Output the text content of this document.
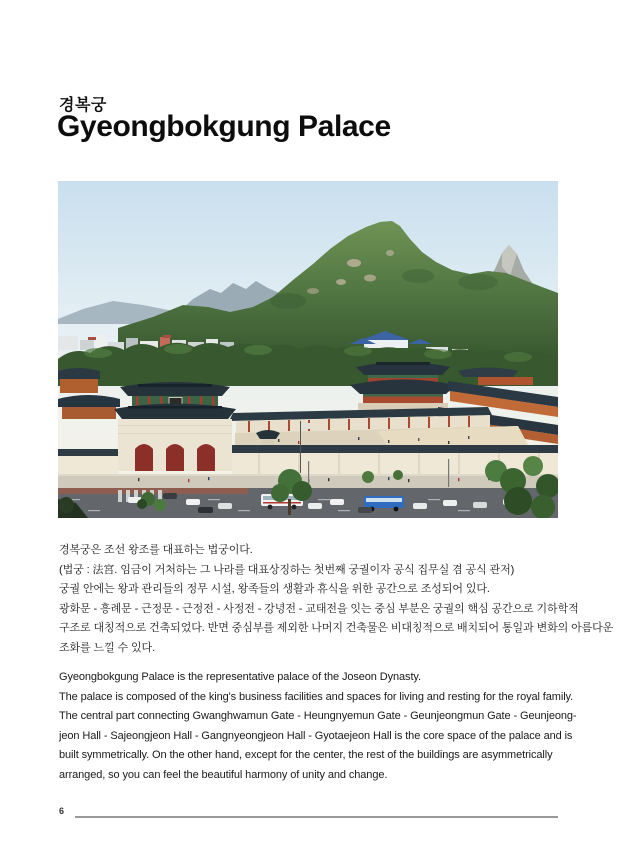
경복궁
Gyeongbokgung Palace
경복궁은 조선 왕조를 대표하는 법궁이다.
(법궁 : 法宮. 임금이 거처하는 그 나라를 대표상징하는 첫번째 궁궐이자 공식 집무실 겸 공식 관저)
궁궐 안에는 왕과 관리들의 정무 시설, 왕족들의 생활과 휴식을 위한 공간으로 조성되어 있다.
광화문 - 흥례문 - 근정문 - 근정전 - 사정전 - 강녕전 - 교태전을 잇는 중심 부분은 궁궐의 핵심 공간으로 기하학적
구조로 대칭적으로 건축되었다. 반면 중심부를 제외한 나머지 건축물은 비대칭적으로 배치되어 통일과 변화의 아름다운
조화를 느낄 수 있다.
Gyeongbokgung Palace is the representative palace of the Joseon Dynasty.
The palace is composed of the king's business facilities and spaces for living and resting for the royal family.
The central part connecting Gwanghwamun Gate - Heungnyemun Gate - Geunjeongmun Gate - Geunjeong-
jeon Hall - Sajeongjeon Hall - Gangnyeongjeon Hall - Gyotaejeon Hall is the core space of the palace and is
built symmetrically. On the other hand, except for the center, the rest of the buildings are asymmetrically
arranged, so you can feel the beautiful harmony of unity and change.
6
